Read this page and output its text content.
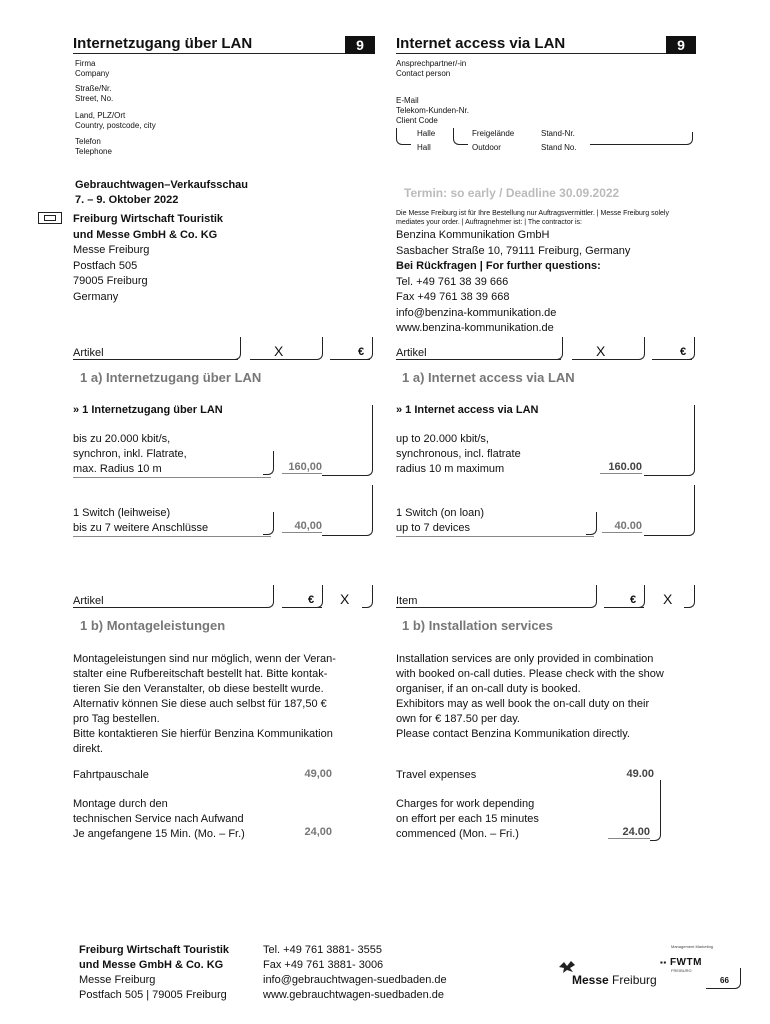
Internetzugang über LAN	9
Firma
Company
Straße/Nr.
Street, No.
Land, PLZ/Ort
Country, postcode, city
Telefon
Telephone
Gebrauchtwagen–Verkaufsschau
7. – 9. Oktober 2022
Freiburg Wirtschaft Touristik
und Messe GmbH & Co. KG
Messe Freiburg
Postfach 505
79005 Freiburg
Germany
Artikel	X	€
1 a) Internetzugang über LAN
» 1 Internetzugang über LAN
bis zu 20.000 kbit/s,
synchron, inkl. Flatrate,
max. Radius 10 m	160,00
1 Switch (leihweise)
bis zu 7 weitere Anschlüsse	40,00
Artikel	€ X
1 b) Montageleistungen
Montageleistungen sind nur möglich, wenn der Veran-
stalter eine Rufbereitschaft bestellt hat. Bitte kontak-
tieren Sie den Veranstalter, ob diese bestellt wurde.
Alternativ können Sie diese auch selbst für 187,50 €
pro Tag bestellen.
Bitte kontaktieren Sie hierfür Benzina Kommunikation
direkt.
Fahrtpauschale	49,00
Montage durch den
technischen Service nach Aufwand
Je angefangene 15 Min. (Mo. – Fr.)	24,00
Internet access via LAN	9
Ansprechpartner/-in
Contact person
E-Mail
Telekom-Kunden-Nr.
Client Code
Halle
Hall
Freigelände
Outdoor
Stand-Nr.
Stand No.
Termin: so early / Deadline 30.09.2022
Die Messe Freiburg ist für Ihre Bestellung nur Auftragsvermittler. | Messe Freiburg solely mediates your order. | Auftragnehmer ist: | The contractor is:
Benzina Kommunikation GmbH
Sasbacher Straße 10, 79111 Freiburg, Germany
Bei Rückfragen | For further questions:
Tel. +49 761 38 39 666
Fax +49 761 38 39 668
info@benzina-kommunikation.de
www.benzina-kommunikation.de
Artikel	X	€
1 a) Internet access via LAN
» 1 Internet access via LAN
up to 20.000 kbit/s,
synchronous, incl. flatrate
radius 10 m maximum	160.00
1 Switch (on loan)
up to 7 devices	40.00
Item	€ X
1 b) Installation services
Installation services are only provided in combination
with booked on-call duties. Please check with the show
organiser, if an on-call duty is booked.
Exhibitors may as well book the on-call duty on their
own for € 187.50 per day.
Please contact Benzina Kommunikation directly.
Travel expenses	49.00
Charges for work depending
on effort per each 15 minutes
commenced (Mon. – Fri.)	24.00
Freiburg Wirtschaft Touristik
und Messe GmbH & Co. KG
Messe Freiburg
Postfach 505 | 79005 Freiburg
Tel. +49 761 3881- 3555
Fax +49 761 3881- 3006
info@gebrauchtwagen-suedbaden.de
www.gebrauchtwagen-suedbaden.de
Messe Freiburg
Management Marketing
▪▪ FWTM
FREIBURG
66
